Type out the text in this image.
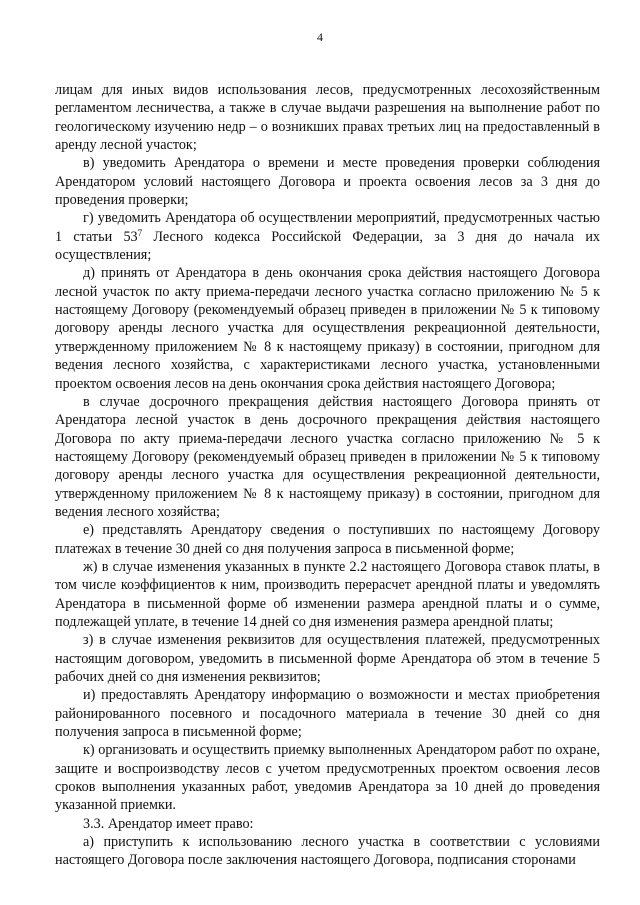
4

лицам для иных видов использования лесов, предусмотренных лесохозяйственным регламентом лесничества, а также в случае выдачи разрешения на выполнение работ по геологическому изучению недр – о возникших правах третьих лиц на предоставленный в аренду лесной участок;

в) уведомить Арендатора о времени и месте проведения проверки соблюдения Арендатором условий настоящего Договора и проекта освоения лесов за 3 дня до проведения проверки;

г) уведомить Арендатора об осуществлении мероприятий, предусмотренных частью 1 статьи $53^7$ Лесного кодекса Российской Федерации, за 3 дня до начала их осуществления;

д) принять от Арендатора в день окончания срока действия настоящего Договора лесной участок по акту приема-передачи лесного участка согласно приложению № 5 к настоящему Договору (рекомендуемый образец приведен в приложении № 5 к типовому договору аренды лесного участка для осуществления рекреационной деятельности, утвержденному приложением № 8 к настоящему приказу) в состоянии, пригодном для ведения лесного хозяйства, с характеристиками лесного участка, установленными проектом освоения лесов на день окончания срока действия настоящего Договора;

в случае досрочного прекращения действия настоящего Договора принять от Арендатора лесной участок в день досрочного прекращения действия настоящего Договора по акту приема-передачи лесного участка согласно приложению № 5 к настоящему Договору (рекомендуемый образец приведен в приложении № 5 к типовому договору аренды лесного участка для осуществления рекреационной деятельности, утвержденному приложением № 8 к настоящему приказу) в состоянии, пригодном для ведения лесного хозяйства;

е) представлять Арендатору сведения о поступивших по настоящему Договору платежах в течение 30 дней со дня получения запроса в письменной форме;

ж) в случае изменения указанных в пункте 2.2 настоящего Договора ставок платы, в том числе коэффициентов к ним, производить перерасчет арендной платы и уведомлять Арендатора в письменной форме об изменении размера арендной платы и о сумме, подлежащей уплате, в течение 14 дней со дня изменения размера арендной платы;

з) в случае изменения реквизитов для осуществления платежей, предусмотренных настоящим договором, уведомить в письменной форме Арендатора об этом в течение 5 рабочих дней со дня изменения реквизитов;

и) предоставлять Арендатору информацию о возможности и местах приобретения районированного посевного и посадочного материала в течение 30 дней со дня получения запроса в письменной форме;

к) организовать и осуществить приемку выполненных Арендатором работ по охране, защите и воспроизводству лесов с учетом предусмотренных проектом освоения лесов сроков выполнения указанных работ, уведомив Арендатора за 10 дней до проведения указанной приемки.

3.3. Арендатор имеет право:

а) приступить к использованию лесного участка в соответствии с условиями настоящего Договора после заключения настоящего Договора, подписания сторонами
